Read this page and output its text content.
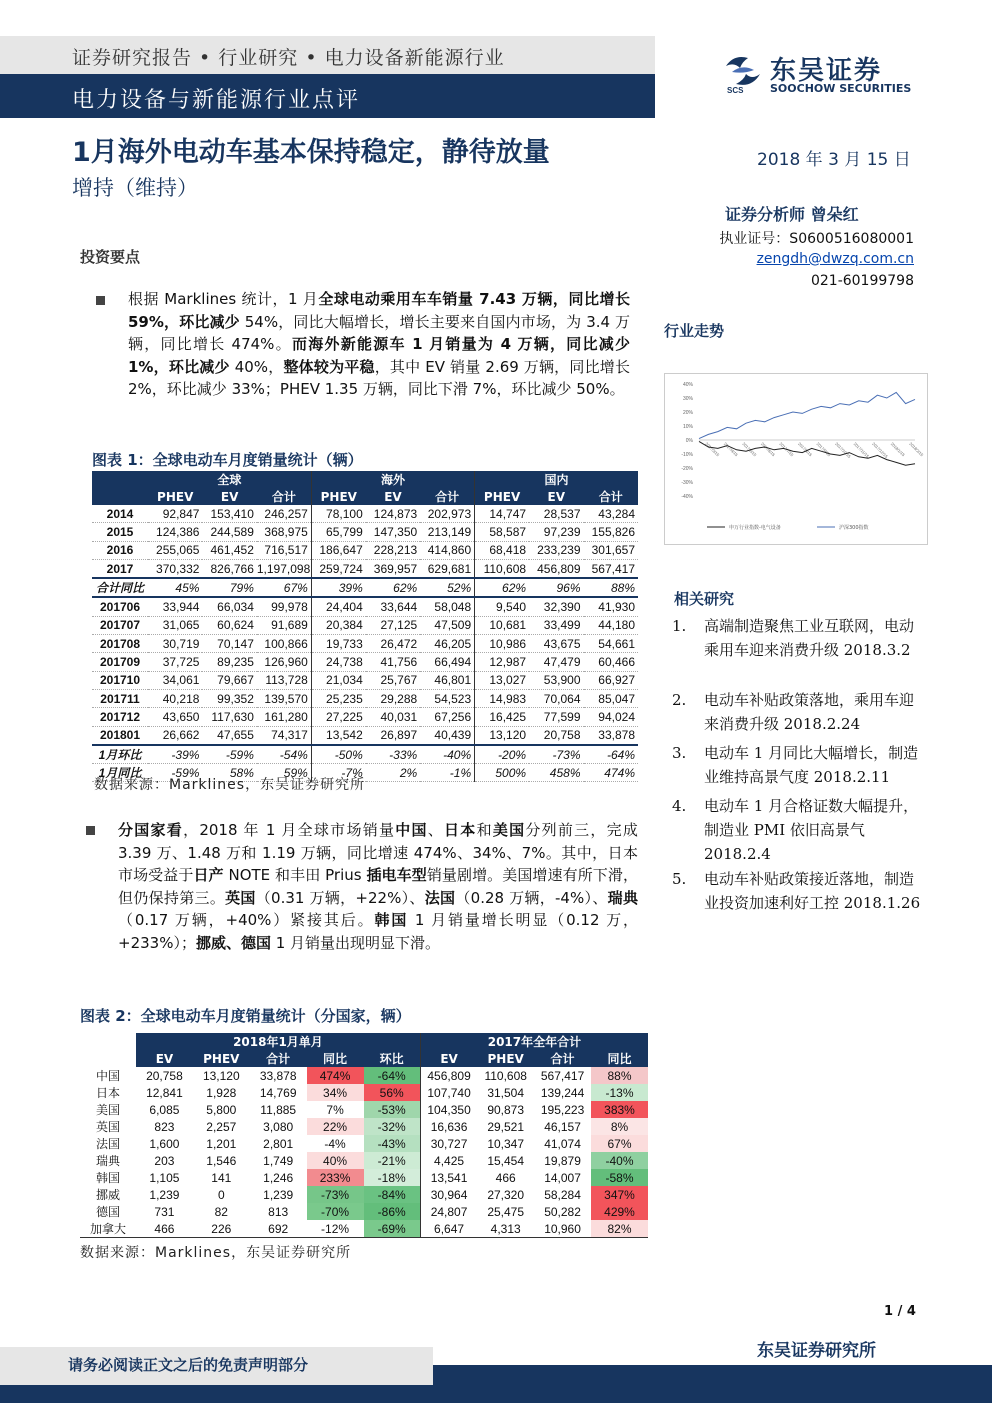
证券研究报告 • 行业研究 • 电力设备新能源行业
电力设备与新能源行业点评	SCS
东吴证券
SOOCHOW SECURITIES
1月海外电动车基本保持稳定，静待放量
增持（维持）
2018 年 3 月 15 日
证券分析师 曾朵红
执业证号：S0600516080001
zengdh@dwzq.com.cn
021-60199798
投资要点
根据 Marklines 统计，1 月全球电动乘用车车销量 7.43 万辆，同比增长 59%，环比减少 54%，同比大幅增长，增长主要来自国内市场，为 3.4 万辆，同比增长 474%。而海外新能源车 1 月销量为 4 万辆，同比减少 1%，环比减少 40%，整体较为平稳，其中 EV 销量 2.69 万辆，同比增长 2%，环比减少 33%；PHEV 1.35 万辆，同比下滑 7%，环比减少 50%。
图表 1：全球电动车月度销量统计（辆）
	全球			海外			国内		
	PHEV	EV	合计	PHEV	EV	合计	PHEV	EV	合计
2014	92,847	153,410	246,257	78,100	124,873	202,973	14,747	28,537	43,284
2015	124,386	244,589	368,975	65,799	147,350	213,149	58,587	97,239	155,826
2016	255,065	461,452	716,517	186,647	228,213	414,860	68,418	233,239	301,657
2017	370,332	826,766	1,197,098	259,724	369,957	629,681	110,608	456,809	567,417
合计同比	45%	79%	67%	39%	62%	52%	62%	96%	88%
201706	33,944	66,034	99,978	24,404	33,644	58,048	9,540	32,390	41,930
201707	31,065	60,624	91,689	20,384	27,125	47,509	10,681	33,499	44,180
201708	30,719	70,147	100,866	19,733	26,472	46,205	10,986	43,675	54,661
201709	37,725	89,235	126,960	24,738	41,756	66,494	12,987	47,479	60,466
201710	34,061	79,667	113,728	21,034	25,767	46,801	13,027	53,900	66,927
201711	40,218	99,352	139,570	25,235	29,288	54,523	14,983	70,064	85,047
201712	43,650	117,630	161,280	27,225	40,031	67,256	16,425	77,599	94,024
201801	26,662	47,655	74,317	13,542	26,897	40,439	13,120	20,758	33,878
1月环比	-39%	-59%	-54%	-50%	-33%	-40%	-20%	-73%	-64%
1月同比	-59%	58%	59%	-7%	2%	-1%	500%	458%	474%
数据来源：Marklines，东吴证券研究所
分国家看，2018 年 1 月全球市场销量中国、日本和美国分列前三，完成 3.39 万、1.48 万和 1.19 万辆，同比增速 474%、34%、7%。其中，日本市场受益于日产 NOTE 和丰田 Prius 插电车型销量剧增。美国增速有所下滑，但仍保持第三。英国（0.31 万辆，+22%）、法国（0.28 万辆，-4%）、瑞典（0.17 万辆，+40%）紧接其后。韩国 1 月销量增长明显（0.12 万，+233%）；挪威、德国 1 月销量出现明显下滑。
图表 2：全球电动车月度销量统计（分国家，辆）
	2018年1月单月					2017年全年合计			
	EV	PHEV	合计	同比	环比	EV	PHEV	合计	同比
中国	20,758	13,120	33,878	474%	-64%	456,809	110,608	567,417	88%
日本	12,841	1,928	14,769	34%	56%	107,740	31,504	139,244	-13%
美国	6,085	5,800	11,885	7%	-53%	104,350	90,873	195,223	383%
英国	823	2,257	3,080	22%	-32%	16,636	29,521	46,157	8%
法国	1,600	1,201	2,801	-4%	-43%	30,727	10,347	41,074	67%
瑞典	203	1,546	1,749	40%	-21%	4,425	15,454	19,879	-40%
韩国	1,105	141	1,246	233%	-18%	13,541	466	14,007	-58%
挪威	1,239	0	1,239	-73%	-84%	30,964	27,320	58,284	347%
德国	731	82	813	-70%	-86%	24,807	25,475	50,282	429%
加拿大	466	226	692	-12%	-69%	6,647	4,313	10,960	82%
数据来源：Marklines，东吴证券研究所
行业走势
40%
30%
20%
10%
0%
-10%
-20%
-30%
-40%
2017/3/15 2017/4/15 2017/5/15 2017/6/15 2017/7/15 2017/8/15 2017/9/15 2017/10/15 2017/11/15 2017/12/15 2018/1/15 2018/2/15
申万行业指数-电气设备	沪深300指数
相关研究
1. 高端制造聚焦工业互联网，电动乘用车迎来消费升级 2018.3.2
2. 电动车补贴政策落地，乘用车迎来消费升级 2018.2.24
3. 电动车 1 月同比大幅增长，制造业维持高景气度 2018.2.11
4. 电动车 1 月合格证数大幅提升，制造业 PMI 依旧高景气 2018.2.4
5. 电动车补贴政策接近落地，制造业投资加速利好工控 2018.1.26
1 / 4
东吴证券研究所
请务必阅读正文之后的免责声明部分
